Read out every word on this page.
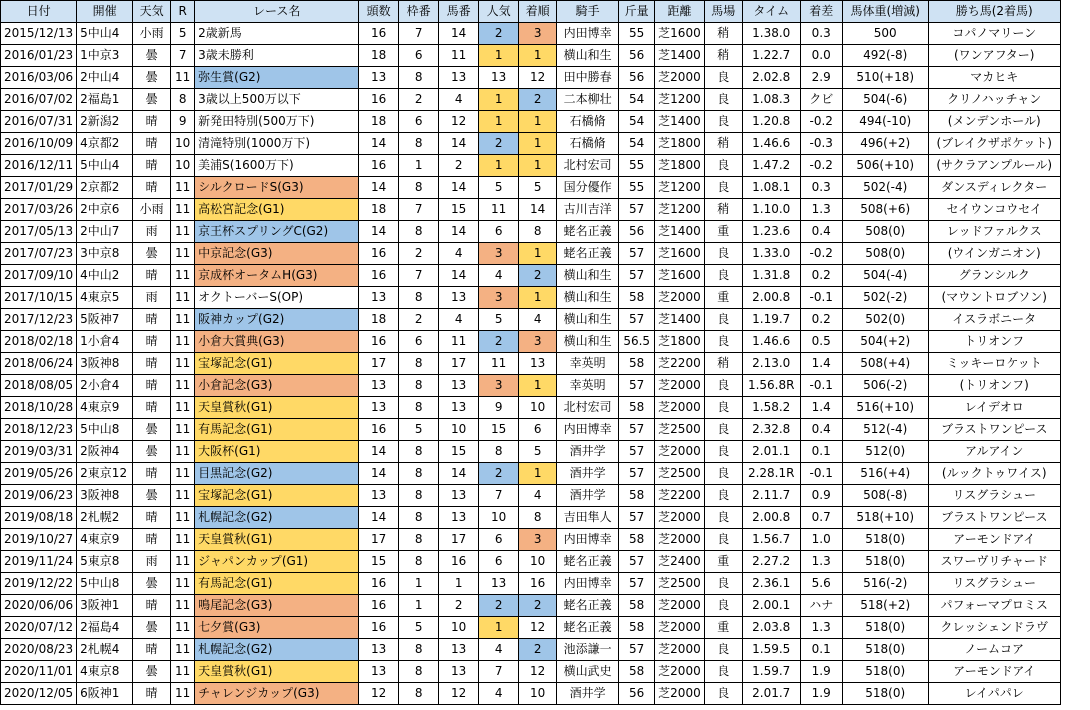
日付	開催	天気	R	レース名	頭数	枠番	馬番	人気	着順	騎手	斤量	距離	馬場	タイム	着差	馬体重(増減)	勝ち馬(2着馬)
2015/12/13	5中山4	小雨	5	2歳新馬	16	7	14	2	3	内田博幸	55	芝1600	稍	1.38.0	0.3	500	コパノマリーン
2016/01/23	1中京3	曇	7	3歳未勝利	18	6	11	1	1	横山和生	56	芝1400	稍	1.22.7	0.0	492(-8)	(ワンアフター)
2016/03/06	2中山4	曇	11	弥生賞(G2)	13	8	13	13	12	田中勝春	56	芝2000	良	2.02.8	2.9	510(+18)	マカヒキ
2016/07/02	2福島1	曇	8	3歳以上500万以下	16	2	4	1	2	二本柳壮	54	芝1200	良	1.08.3	クビ	504(-6)	クリノハッチャン
2016/07/31	2新潟2	晴	9	新発田特別(500万下)	18	6	12	1	1	石橋脩	54	芝1400	良	1.20.8	-0.2	494(-10)	(メンデンホール)
2016/10/09	4京都2	晴	10	清滝特別(1000万下)	14	8	14	2	1	石橋脩	54	芝1800	稍	1.46.6	-0.3	496(+2)	(ブレイクザポケット)
2016/12/11	5中山4	晴	10	美浦S(1600万下)	16	1	2	1	1	北村宏司	55	芝1800	良	1.47.2	-0.2	506(+10)	(サクラアンプルール)
2017/01/29	2京都2	晴	11	シルクロードS(G3)	14	8	14	5	5	国分優作	55	芝1200	良	1.08.1	0.3	502(-4)	ダンスディレクター
2017/03/26	2中京6	小雨	11	高松宮記念(G1)	18	7	15	11	14	古川吉洋	57	芝1200	稍	1.10.0	1.3	508(+6)	セイウンコウセイ
2017/05/13	2中山7	雨	11	京王杯スプリングC(G2)	14	8	14	6	8	蛯名正義	56	芝1400	重	1.23.6	0.4	508(0)	レッドファルクス
2017/07/23	3中京8	曇	11	中京記念(G3)	16	2	4	3	1	蛯名正義	57	芝1600	良	1.33.0	-0.2	508(0)	(ウインガニオン)
2017/09/10	4中山2	晴	11	京成杯オータムH(G3)	16	7	14	4	2	横山和生	57	芝1600	良	1.31.8	0.2	504(-4)	グランシルク
2017/10/15	4東京5	雨	11	オクトーバーS(OP)	13	8	13	3	1	横山和生	58	芝2000	重	2.00.8	-0.1	502(-2)	(マウントロブソン)
2017/12/23	5阪神7	晴	11	阪神カップ(G2)	18	2	4	5	4	横山和生	57	芝1400	良	1.19.7	0.2	502(0)	イスラボニータ
2018/02/18	1小倉4	晴	11	小倉大賞典(G3)	16	6	11	2	3	横山和生	56.5	芝1800	良	1.46.6	0.5	504(+2)	トリオンフ
2018/06/24	3阪神8	晴	11	宝塚記念(G1)	17	8	17	11	13	幸英明	58	芝2200	稍	2.13.0	1.4	508(+4)	ミッキーロケット
2018/08/05	2小倉4	晴	11	小倉記念(G3)	13	8	13	3	1	幸英明	57	芝2000	良	1.56.8R	-0.1	506(-2)	(トリオンフ)
2018/10/28	4東京9	晴	11	天皇賞秋(G1)	13	8	13	9	10	北村宏司	58	芝2000	良	1.58.2	1.4	516(+10)	レイデオロ
2018/12/23	5中山8	曇	11	有馬記念(G1)	16	5	10	15	6	内田博幸	57	芝2500	良	2.32.8	0.4	512(-4)	ブラストワンピース
2019/03/31	2阪神4	曇	11	大阪杯(G1)	14	8	15	8	5	酒井学	57	芝2000	良	2.01.1	0.1	512(0)	アルアイン
2019/05/26	2東京12	晴	11	目黒記念(G2)	14	8	14	2	1	酒井学	57	芝2500	良	2.28.1R	-0.1	516(+4)	(ルックトゥワイス)
2019/06/23	3阪神8	曇	11	宝塚記念(G1)	13	8	13	7	4	酒井学	58	芝2200	良	2.11.7	0.9	508(-8)	リスグラシュー
2019/08/18	2札幌2	晴	11	札幌記念(G2)	14	8	13	10	8	吉田隼人	57	芝2000	良	2.00.8	0.7	518(+10)	ブラストワンピース
2019/10/27	4東京9	晴	11	天皇賞秋(G1)	17	8	17	6	3	内田博幸	58	芝2000	良	1.56.7	1.0	518(0)	アーモンドアイ
2019/11/24	5東京8	雨	11	ジャパンカップ(G1)	15	8	16	6	10	蛯名正義	57	芝2400	重	2.27.2	1.3	518(0)	スワーヴリチャード
2019/12/22	5中山8	曇	11	有馬記念(G1)	16	1	1	13	16	内田博幸	57	芝2500	良	2.36.1	5.6	516(-2)	リスグラシュー
2020/06/06	3阪神1	晴	11	鳴尾記念(G3)	16	1	2	2	2	蛯名正義	58	芝2000	良	2.00.1	ハナ	518(+2)	パフォーマプロミス
2020/07/12	2福島4	曇	11	七夕賞(G3)	16	5	10	1	12	蛯名正義	58	芝2000	重	2.03.8	1.3	518(0)	クレッシェンドラヴ
2020/08/23	2札幌4	晴	11	札幌記念(G2)	13	8	13	4	2	池添謙一	57	芝2000	良	1.59.5	0.1	518(0)	ノームコア
2020/11/01	4東京8	曇	11	天皇賞秋(G1)	13	8	13	7	12	横山武史	58	芝2000	良	1.59.7	1.9	518(0)	アーモンドアイ
2020/12/05	6阪神1	晴	11	チャレンジカップ(G3)	12	8	12	4	10	酒井学	56	芝2000	良	2.01.7	1.9	518(0)	レイパパレ
